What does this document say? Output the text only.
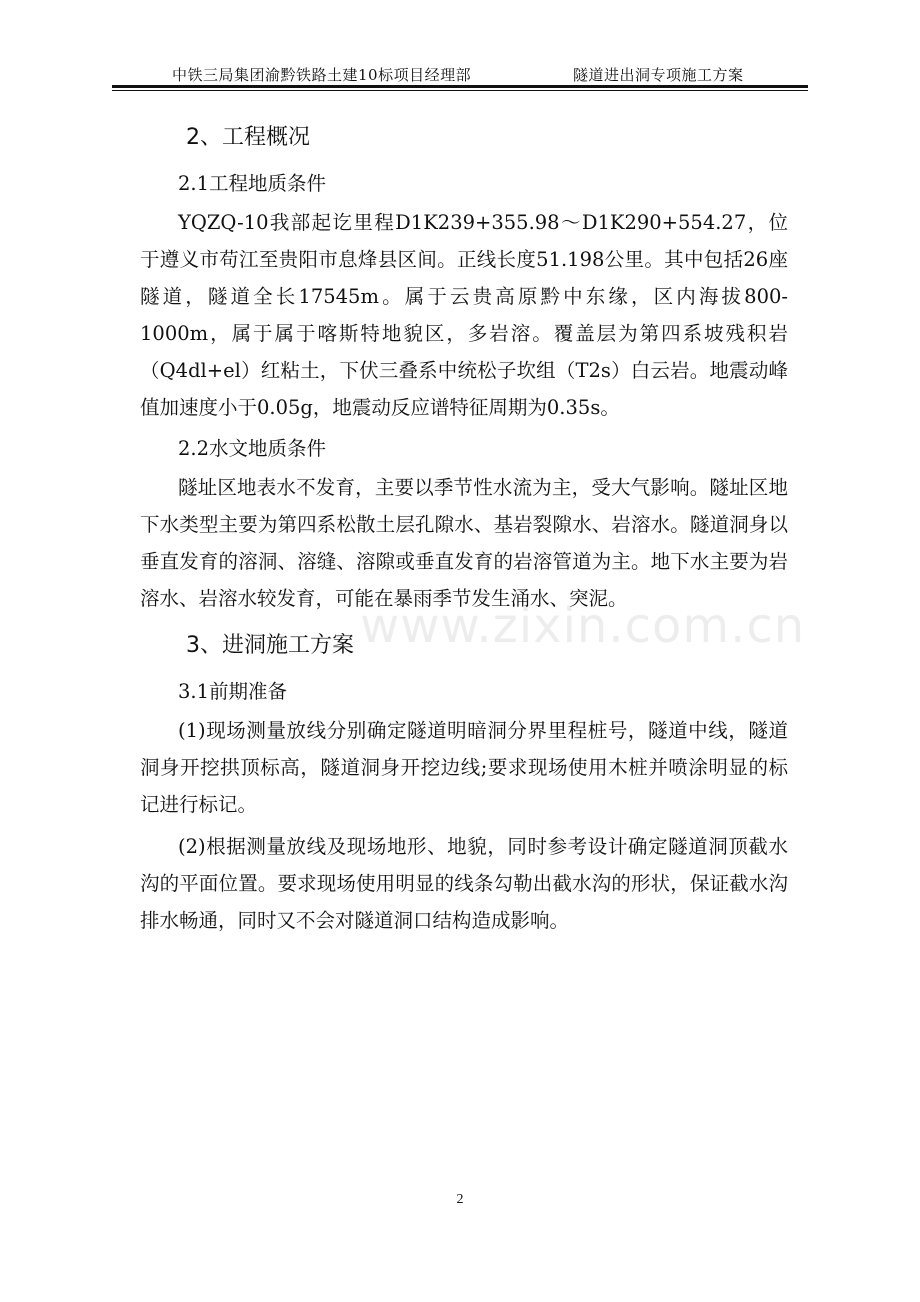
中铁三局集团渝黔铁路土建10标项目经理部	隧道进出洞专项施工方案

2、工程概况

2.1工程地质条件

YQZQ-10我部起讫里程D1K239+355.98～D1K290+554.27，位于遵义市苟江至贵阳市息烽县区间。正线长度51.198公里。其中包括26座隧道，隧道全长17545m。属于云贵高原黔中东缘，区内海拔800-1000m，属于属于喀斯特地貌区，多岩溶。覆盖层为第四系坡残积岩（Q4dl+el）红粘土，下伏三叠系中统松子坎组（T2s）白云岩。地震动峰值加速度小于0.05g，地震动反应谱特征周期为0.35s。

2.2水文地质条件

隧址区地表水不发育，主要以季节性水流为主，受大气影响。隧址区地下水类型主要为第四系松散土层孔隙水、基岩裂隙水、岩溶水。隧道洞身以垂直发育的溶洞、溶缝、溶隙或垂直发育的岩溶管道为主。地下水主要为岩溶水、岩溶水较发育，可能在暴雨季节发生涌水、突泥。

3、进洞施工方案

3.1前期准备

(1)现场测量放线分别确定隧道明暗洞分界里程桩号，隧道中线，隧道洞身开挖拱顶标高，隧道洞身开挖边线;要求现场使用木桩并喷涂明显的标记进行标记。

(2)根据测量放线及现场地形、地貌，同时参考设计确定隧道洞顶截水沟的平面位置。要求现场使用明显的线条勾勒出截水沟的形状，保证截水沟排水畅通，同时又不会对隧道洞口结构造成影响。

www.zixin.com.cn
2
